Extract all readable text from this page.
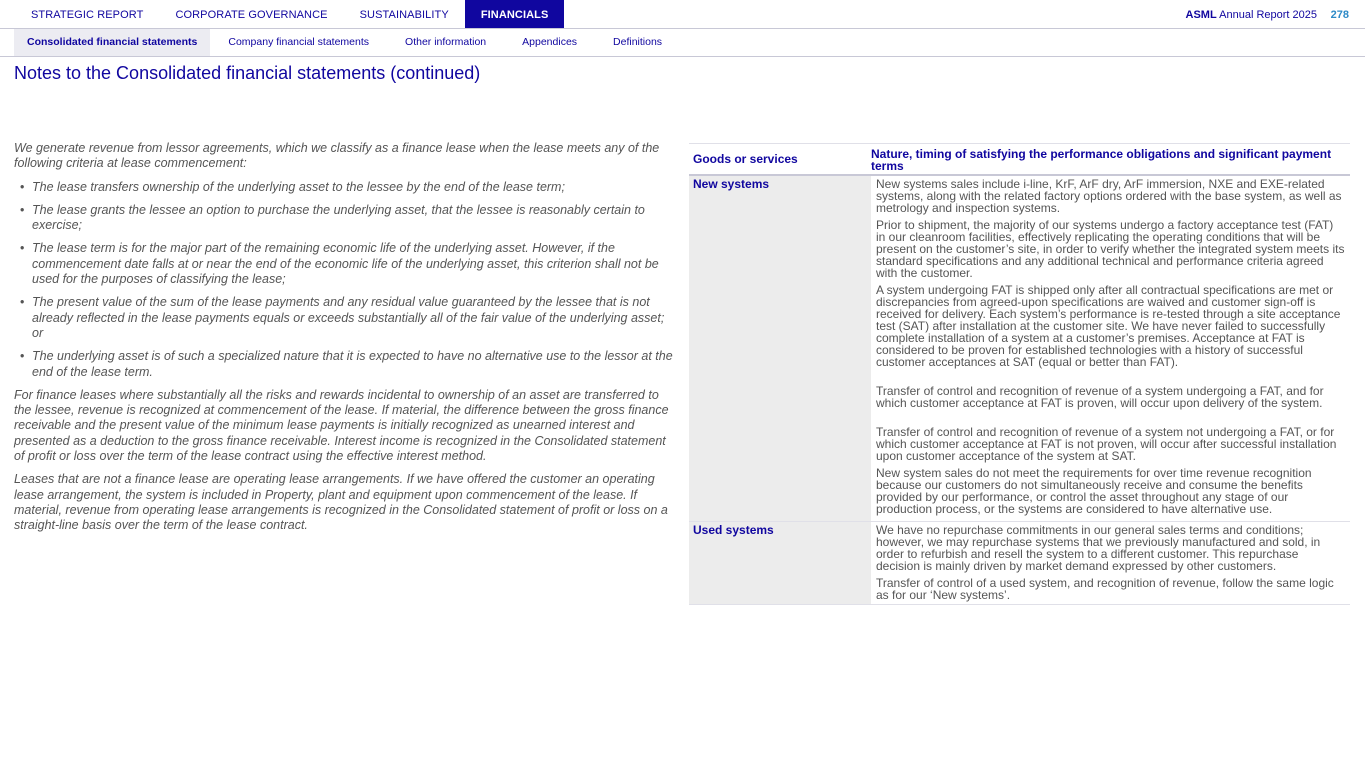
STRATEGIC REPORT	CORPORATE GOVERNANCE	SUSTAINABILITY	FINANCIALS	ASML Annual Report 2025 278
Consolidated financial statements	Company financial statements	Other information	Appendices	Definitions
Notes to the Consolidated financial statements (continued)

We generate revenue from lessor agreements, which we classify as a finance lease when the lease meets any of the following criteria at lease commencement:

• The lease transfers ownership of the underlying asset to the lessee by the end of the lease term;
• The lease grants the lessee an option to purchase the underlying asset, that the lessee is reasonably certain to exercise;
• The lease term is for the major part of the remaining economic life of the underlying asset. However, if the commencement date falls at or near the end of the economic life of the underlying asset, this criterion shall not be used for the purposes of classifying the lease;
• The present value of the sum of the lease payments and any residual value guaranteed by the lessee that is not already reflected in the lease payments equals or exceeds substantially all of the fair value of the underlying asset; or
• The underlying asset is of such a specialized nature that it is expected to have no alternative use to the lessor at the end of the lease term.

For finance leases where substantially all the risks and rewards incidental to ownership of an asset are transferred to the lessee, revenue is recognized at commencement of the lease. If material, the difference between the gross finance receivable and the present value of the minimum lease payments is initially recognized as unearned interest and presented as a deduction to the gross finance receivable. Interest income is recognized in the Consolidated statement of profit or loss over the term of the lease contract using the effective interest method.

Leases that are not a finance lease are operating lease arrangements. If we have offered the customer an operating lease arrangement, the system is included in Property, plant and equipment upon commencement of the lease. If material, revenue from operating lease arrangements is recognized in the Consolidated statement of profit or loss on a straight-line basis over the term of the lease contract.

Goods or services	Nature, timing of satisfying the performance obligations and significant payment terms
New systems	New systems sales include i-line, KrF, ArF dry, ArF immersion, NXE and EXE-related systems, along with the related factory options ordered with the base system, as well as metrology and inspection systems.

Prior to shipment, the majority of our systems undergo a factory acceptance test (FAT) in our cleanroom facilities, effectively replicating the operating conditions that will be present on the customer’s site, in order to verify whether the integrated system meets its standard specifications and any additional technical and performance criteria agreed with the customer.

A system undergoing FAT is shipped only after all contractual specifications are met or discrepancies from agreed-upon specifications are waived and customer sign-off is received for delivery. Each system’s performance is re-tested through a site acceptance test (SAT) after installation at the customer site. We have never failed to successfully complete installation of a system at a customer’s premises. Acceptance at FAT is considered to be proven for established technologies with a history of successful customer acceptances at SAT (equal or better than FAT).

Transfer of control and recognition of revenue of a system undergoing a FAT, and for which customer acceptance at FAT is proven, will occur upon delivery of the system.

Transfer of control and recognition of revenue of a system not undergoing a FAT, or for which customer acceptance at FAT is not proven, will occur after successful installation upon customer acceptance of the system at SAT.

New system sales do not meet the requirements for over time revenue recognition because our customers do not simultaneously receive and consume the benefits provided by our performance, or control the asset throughout any stage of our production process, or the systems are considered to have alternative use.

Used systems	We have no repurchase commitments in our general sales terms and conditions; however, we may repurchase systems that we previously manufactured and sold, in order to refurbish and resell the system to a different customer. This repurchase decision is mainly driven by market demand expressed by other customers.

Transfer of control of a used system, and recognition of revenue, follow the same logic as for our ‘New systems’.
